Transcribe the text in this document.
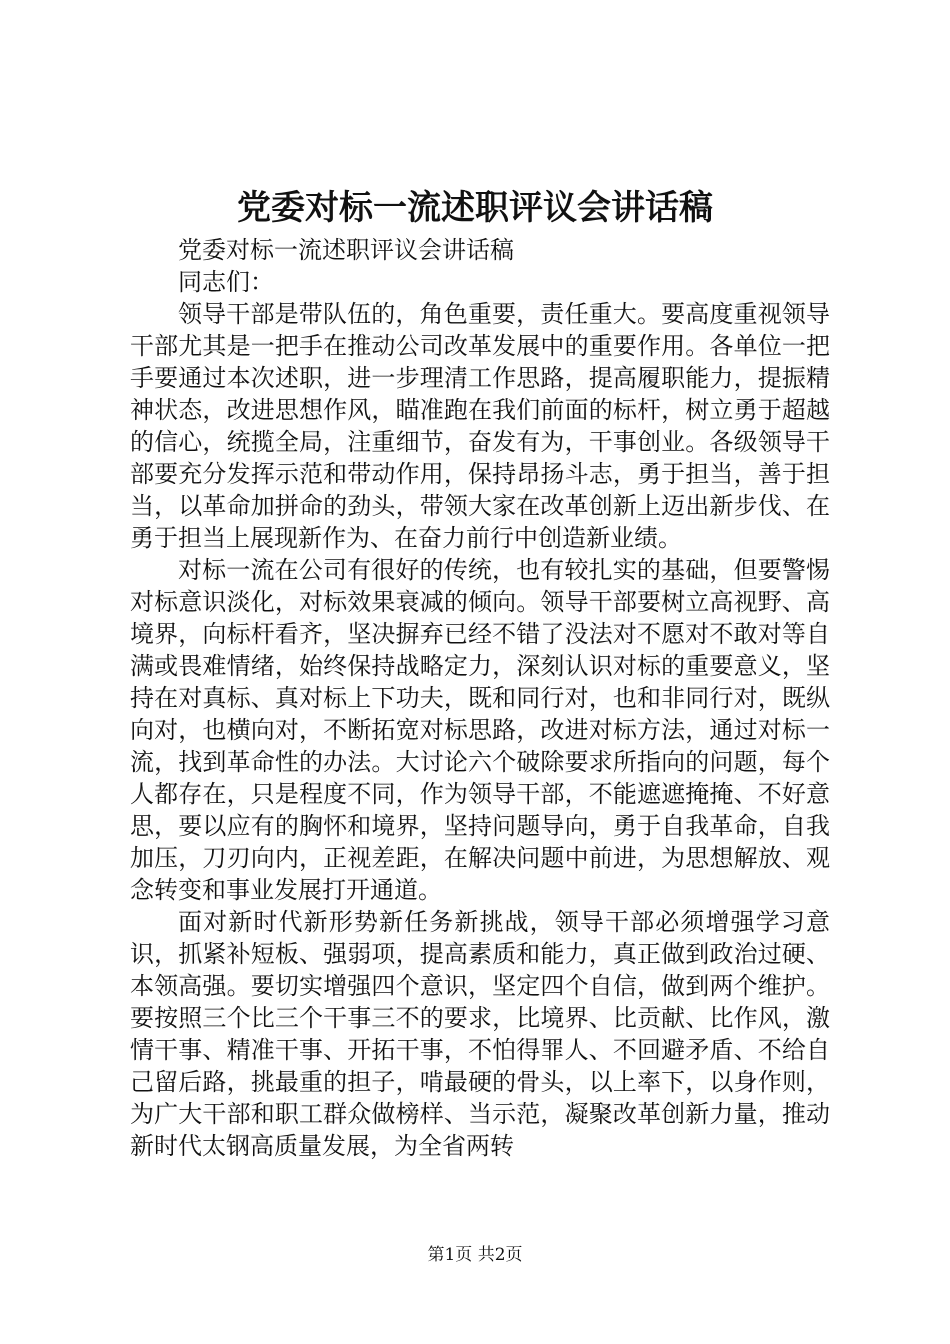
党委对标一流述职评议会讲话稿

党委对标一流述职评议会讲话稿

同志们：

领导干部是带队伍的，角色重要，责任重大。要高度重视领导干部尤其是一把手在推动公司改革发展中的重要作用。各单位一把手要通过本次述职，进一步理清工作思路，提高履职能力，提振精神状态，改进思想作风，瞄准跑在我们前面的标杆，树立勇于超越的信心，统揽全局，注重细节，奋发有为，干事创业。各级领导干部要充分发挥示范和带动作用，保持昂扬斗志，勇于担当，善于担当，以革命加拼命的劲头，带领大家在改革创新上迈出新步伐、在勇于担当上展现新作为、在奋力前行中创造新业绩。

对标一流在公司有很好的传统，也有较扎实的基础，但要警惕对标意识淡化，对标效果衰减的倾向。领导干部要树立高视野、高境界，向标杆看齐，坚决摒弃已经不错了没法对不愿对不敢对等自满或畏难情绪，始终保持战略定力，深刻认识对标的重要意义，坚持在对真标、真对标上下功夫，既和同行对，也和非同行对，既纵向对，也横向对，不断拓宽对标思路，改进对标方法，通过对标一流，找到革命性的办法。大讨论六个破除要求所指向的问题，每个人都存在，只是程度不同，作为领导干部，不能遮遮掩掩、不好意思，要以应有的胸怀和境界，坚持问题导向，勇于自我革命，自我加压，刀刃向内，正视差距，在解决问题中前进，为思想解放、观念转变和事业发展打开通道。

面对新时代新形势新任务新挑战，领导干部必须增强学习意识，抓紧补短板、强弱项，提高素质和能力，真正做到政治过硬、本领高强。要切实增强四个意识，坚定四个自信，做到两个维护。要按照三个比三个干事三不的要求，比境界、比贡献、比作风，激情干事、精准干事、开拓干事，不怕得罪人、不回避矛盾、不给自己留后路，挑最重的担子，啃最硬的骨头，以上率下，以身作则，为广大干部和职工群众做榜样、当示范，凝聚改革创新力量，推动新时代太钢高质量发展，为全省两转

第1页 共2页
